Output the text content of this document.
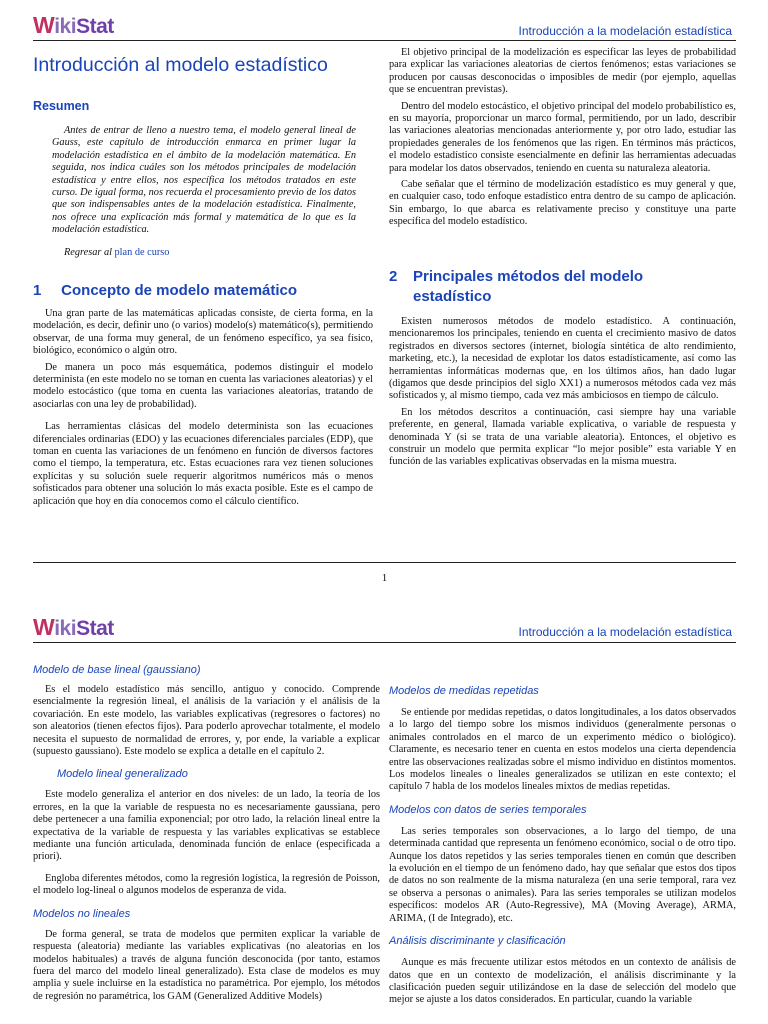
WikiStat	Introducción a la modelación estadística
Introducción al modelo estadístico
Resumen

Antes de entrar de lleno a nuestro tema, el modelo general lineal de Gauss, este capítulo de introducción enmarca en primer lugar la modelación estadística en el ámbito de la modelación matemática. En seguida, nos indica cuáles son los métodos principales de modelación estadística y entre ellos, nos específica los métodos tratados en este curso. De igual forma, nos recuerda el procesamiento previo de los datos que son indispensables antes de la modelación estadística. Finalmente, nos ofrece una explicación más formal y matemática de lo que es la modelación estadística.

Regresar al plan de curso

1 Concepto de modelo matemático

Una gran parte de las matemáticas aplicadas consiste, de cierta forma, en la modelación, es decir, definir uno (o varios) modelo(s) matemático(s), permitiendo observar, de una forma muy general, de un fenómeno específico, ya sea físico, biológico, económico o algún otro.

De manera un poco más esquemática, podemos distinguir el modelo determinista (en este modelo no se toman en cuenta las variaciones aleatorias) y el modelo estocástico (que toma en cuenta las variaciones aleatorias, tratando de asociarlas con una ley de probabilidad).

Las herramientas clásicas del modelo determinista son las ecuaciones diferenciales ordinarias (EDO) y las ecuaciones diferenciales parciales (EDP), que toman en cuenta las variaciones de un fenómeno en función de diversos factores como el tiempo, la temperatura, etc. Estas ecuaciones rara vez tienen soluciones explícitas y su solución suele requerir algoritmos numéricos más o menos sofisticados para obtener una solución lo más exacta posible. Este es el campo de aplicación que hoy en día conocemos como el cálculo científico.

El objetivo principal de la modelización es especificar las leyes de probabilidad para explicar las variaciones aleatorias de ciertos fenómenos; estas variaciones se producen por causas desconocidas o imposibles de medir (por ejemplo, aquellas que se encuentran previstas).

Dentro del modelo estocástico, el objetivo principal del modelo probabilístico es, en su mayoría, proporcionar un marco formal, permitiendo, por un lado, describir las variaciones aleatorias mencionadas anteriormente y, por otro lado, estudiar las propiedades generales de los fenómenos que las rigen. En términos más prácticos, el modelo estadístico consiste esencialmente en definir las herramientas adecuadas para modelar los datos observados, teniendo en cuenta su naturaleza aleatoria.

Cabe señalar que el término de modelización estadístico es muy general y que, en cualquier caso, todo enfoque estadístico entra dentro de su campo de aplicación. Sin embargo, lo que abarca es relativamente preciso y constituye una parte específica del modelo estadístico.

2	Principales métodos del modelo estadístico

Existen numerosos métodos de modelo estadístico. A continuación, mencionaremos los principales, teniendo en cuenta el crecimiento masivo de datos registrados en diversos sectores (internet, biología sintética de alto rendimiento, marketing, etc.), la necesidad de explotar los datos estadísticamente, así como las herramientas informáticas modernas que, en los últimos años, han dado lugar (digamos que desde principios del siglo XX1) a numerosos métodos cada vez más sofisticados y, al mismo tiempo, cada vez más ambiciosos en tiempo de cálculo.

En los métodos descritos a continuación, casi siempre hay una variable preferente, en general, llamada variable explicativa, o variable de respuesta y denominada Y (si se trata de una variable aleatoria). Entonces, el objetivo es construir un modelo que permita explicar “lo mejor posible” esta variable Y en función de las variables explicativas observadas en la misma muestra.

1
WikiStat	Introducción a la modelación estadística
Modelo de base lineal (gaussiano)

Es el modelo estadístico más sencillo, antiguo y conocido. Comprende esencialmente la regresión lineal, el análisis de la variación y el análisis de la covariación. En este modelo, las variables explicativas (regresores o factores) no son aleatorios (tienen efectos fijos). Para poderlo aprovechar totalmente, el modelo necesita el supuesto de normalidad de errores, y, por ende, la variable a explicar (supuesto gaussiano). Este modelo se explica a detalle en el capítulo 2.

Modelo lineal generalizado

Este modelo generaliza el anterior en dos niveles: de un lado, la teoría de los errores, en la que la variable de respuesta no es necesariamente gaussiana, pero debe pertenecer a una familia exponencial; por otro lado, la relación lineal entre la expectativa de la variable de respuesta y las variables explicativas se establece mediante una función articulada, denominada función de enlace (especificada a priori).

Engloba diferentes métodos, como la regresión logística, la regresión de Poisson, el modelo log-lineal o algunos modelos de esperanza de vida.

Modelos no lineales

De forma general, se trata de modelos que permiten explicar la variable de respuesta (aleatoria) mediante las variables explicativas (no aleatorias en los modelos habituales) a través de alguna función desconocida (por tanto, estamos fuera del marco del modelo lineal generalizado). Esta clase de modelos es muy amplia y suele incluirse en la estadística no paramétrica. Por ejemplo, los métodos de regresión no paramétrica, los GAM (Generalized Additive Models)

Modelos de medidas repetidas

Se entiende por medidas repetidas, o datos longitudinales, a los datos observados a lo largo del tiempo sobre los mismos individuos (generalmente personas o animales controlados en el marco de un experimento médico o biológico). Claramente, es necesario tener en cuenta en estos modelos una cierta dependencia entre las observaciones realizadas sobre el mismo individuo en distintos momentos. Los modelos lineales o lineales generalizados se utilizan en este contexto; el capítulo 7 habla de los modelos lineales mixtos de medias repetidas.

Modelos con datos de series temporales

Las series temporales son observaciones, a lo largo del tiempo, de una determinada cantidad que representa un fenómeno económico, social o de otro tipo. Aunque los datos repetidos y las series temporales tienen en común que describen la evolución en el tiempo de un fenómeno dado, hay que señalar que estos dos tipos de datos no son realmente de la misma naturaleza (en una serie temporal, rara vez se observa a personas o animales). Para las series temporales se utilizan modelos específicos: modelos AR (Auto-Regressive), MA (Moving Average), ARMA, ARIMA, (I de Integrado), etc.

Análisis discriminante y clasificación

Aunque es más frecuente utilizar estos métodos en un contexto de análisis de datos que en un contexto de modelización, el análisis discriminante y la clasificación pueden seguir utilizándose en la dase de selección del modelo que mejor se ajuste a los datos considerados. En particular, cuando la variable
